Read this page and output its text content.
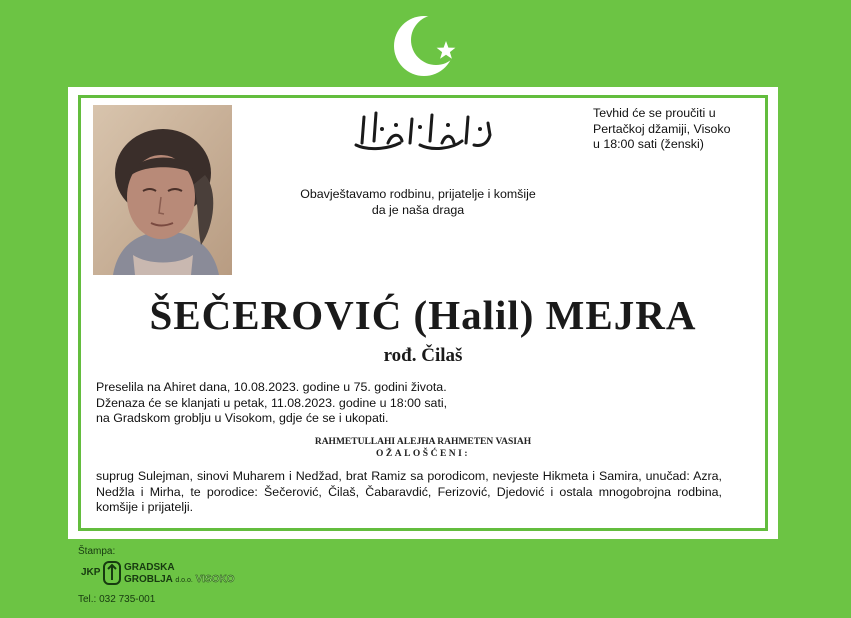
Tevhid će se proučiti u
Pertačkoj džamiji, Visoko
u 18:00 sati (ženski)
Obavještavamo rodbinu, prijatelje i komšije
da je naša draga
ŠEČEROVIĆ (Halil) MEJRA
rođ. Čilaš
Preselila na Ahiret dana, 10.08.2023. godine u 75. godini života.
Dženaza će se klanjati u petak, 11.08.2023. godine u 18:00 sati,
na Gradskom groblju u Visokom, gdje će se i ukopati.
RAHMETULLAHI ALEJHA RAHMETEN VASIAH
OŽALOŠĆENI:
suprug Sulejman, sinovi Muharem i Nedžad, brat Ramiz sa porodicom, nevjeste Hikmeta i Samira, unučad: Azra, Nedžla i Mirha, te porodice: Šečerović, Čilaš, Čabaravdić, Ferizović, Djedović i ostala mnogobrojna rodbina, komšije i prijatelji.
Štampa:
JKP GRADSKA
GROBLJA d.o.o. VISOKO
Tel.: 032 735-001
